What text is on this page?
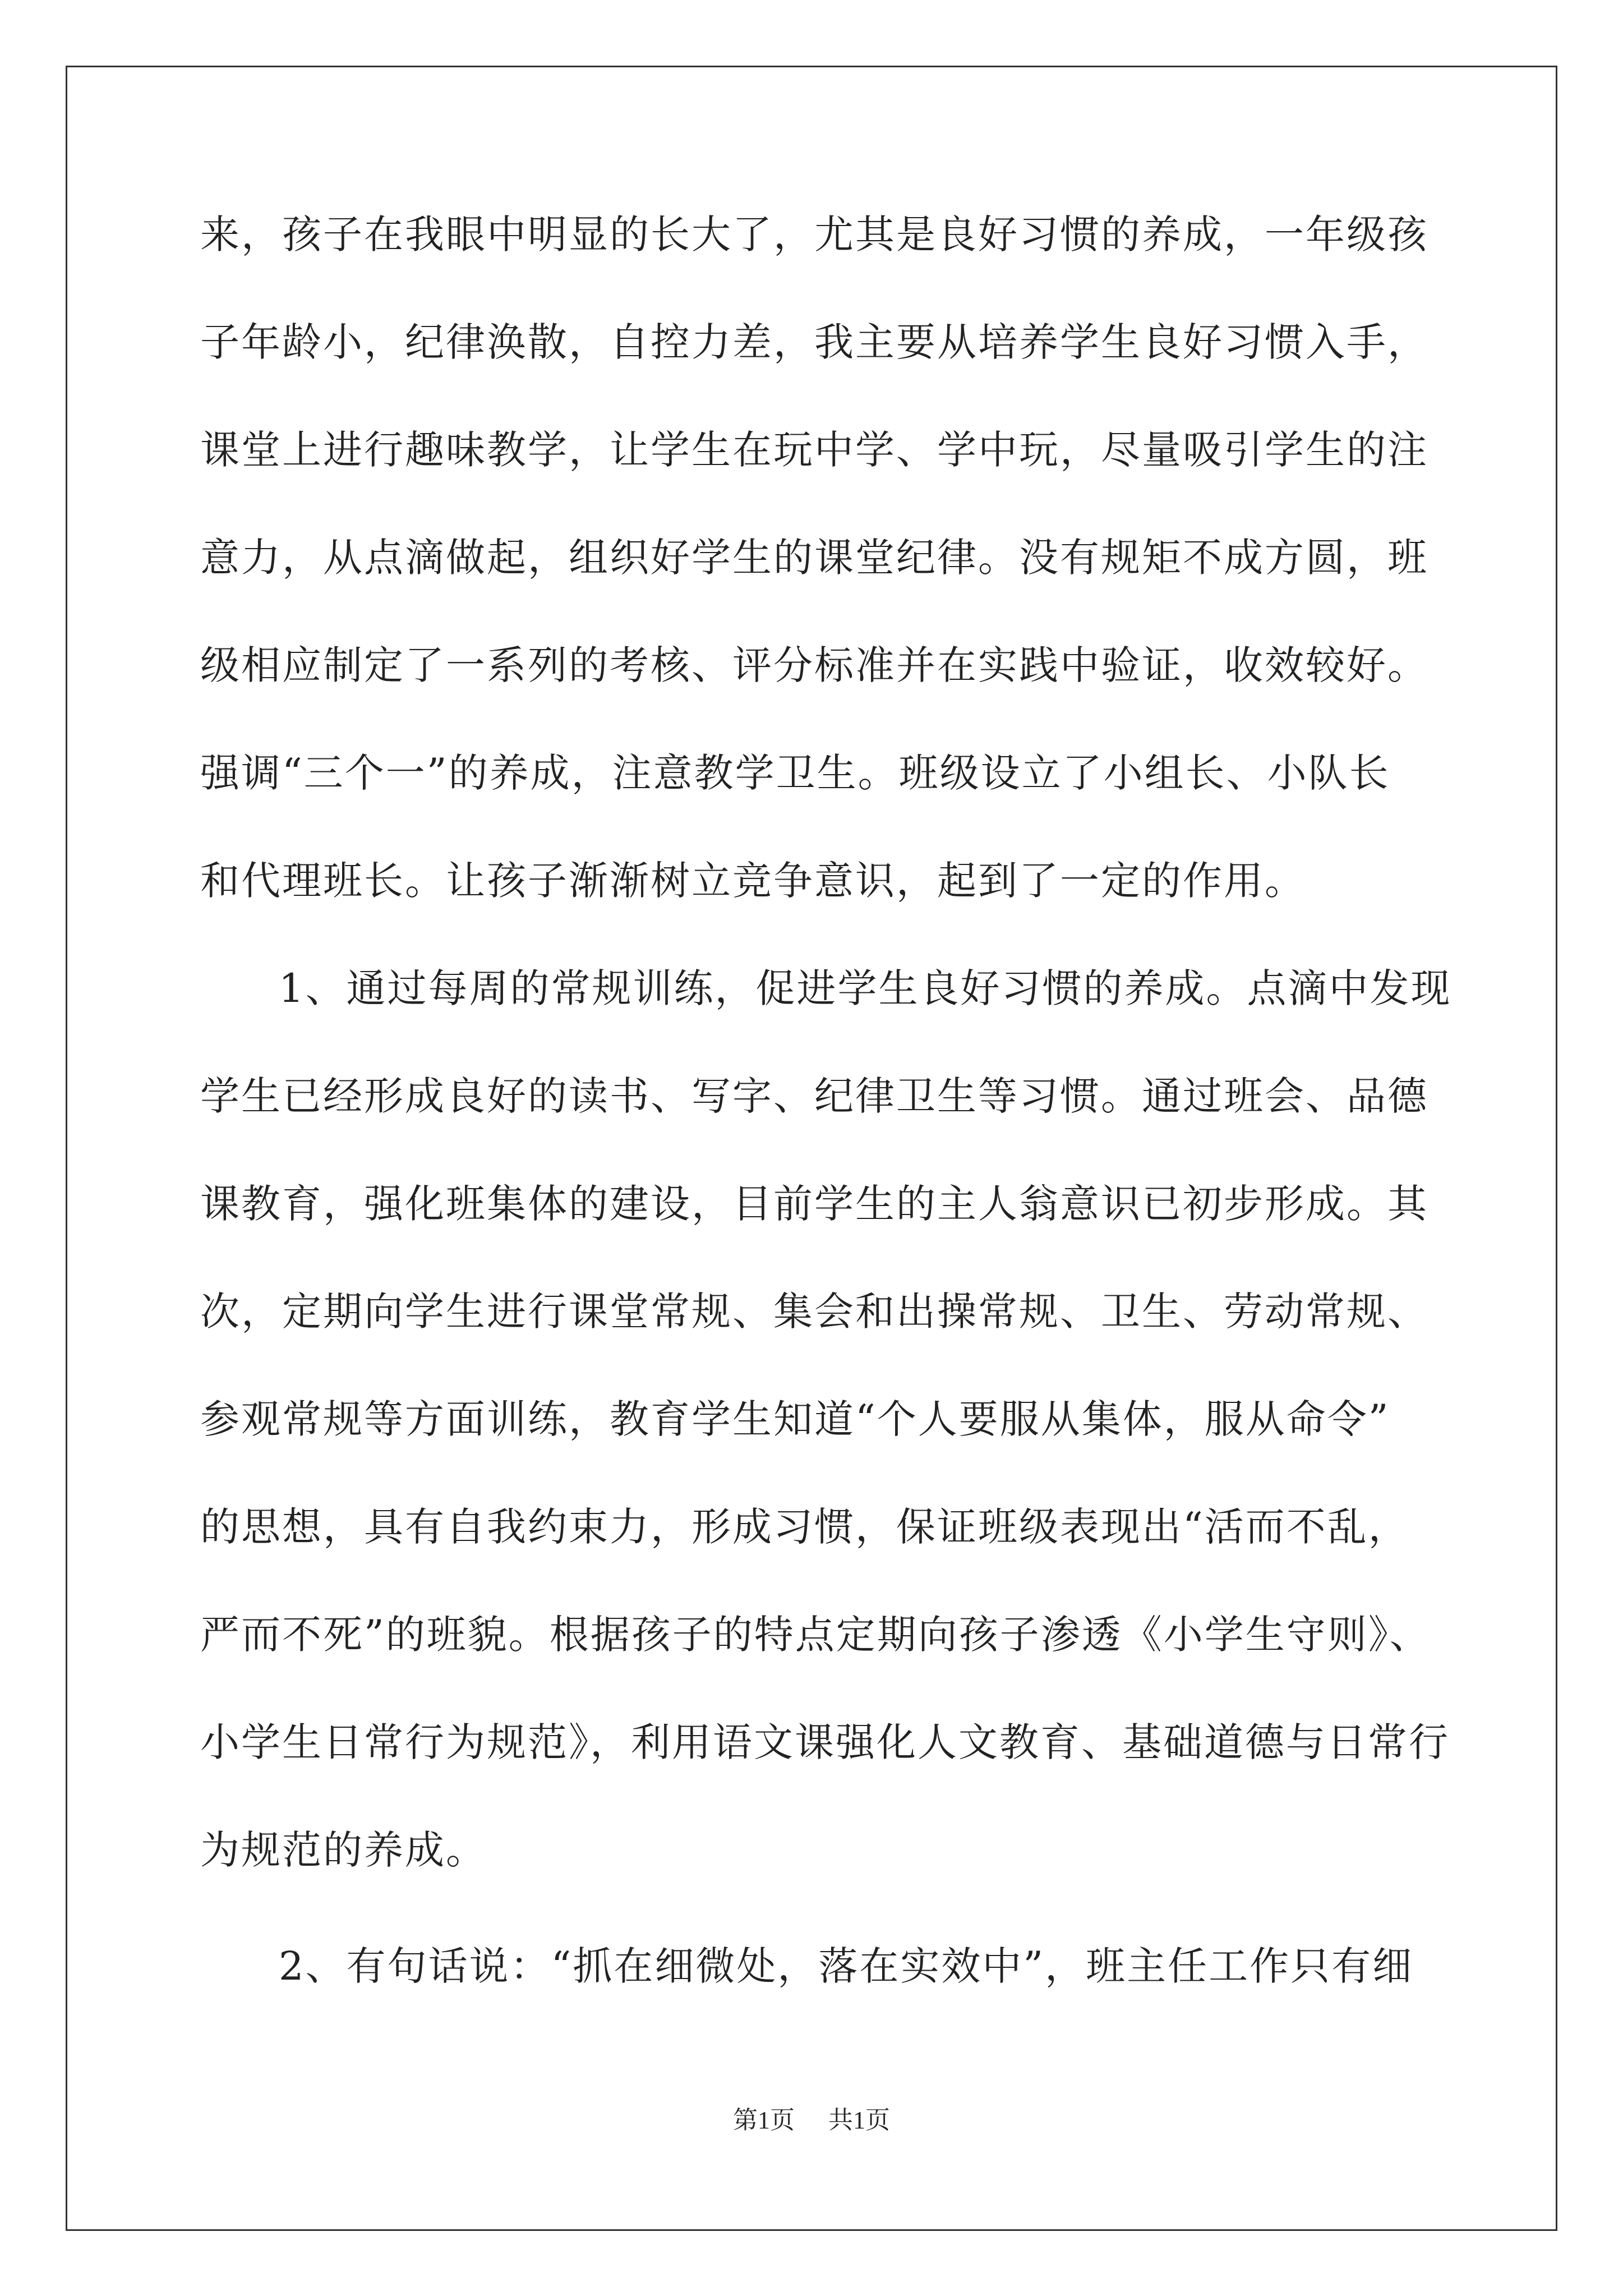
来，孩子在我眼中明显的长大了，尤其是良好习惯的养成，一年级孩
子年龄小，纪律涣散，自控力差，我主要从培养学生良好习惯入手，
课堂上进行趣味教学，让学生在玩中学、学中玩，尽量吸引学生的注
意力，从点滴做起，组织好学生的课堂纪律。没有规矩不成方圆，班
级相应制定了一系列的考核、评分标准并在实践中验证，收效较好。
强调“三个一”的养成，注意教学卫生。班级设立了小组长、小队长
和代理班长。让孩子渐渐树立竞争意识，起到了一定的作用。
1、通过每周的常规训练，促进学生良好习惯的养成。点滴中发现
学生已经形成良好的读书、写字、纪律卫生等习惯。通过班会、品德
课教育，强化班集体的建设，目前学生的主人翁意识已初步形成。其
次，定期向学生进行课堂常规、集会和出操常规、卫生、劳动常规、
参观常规等方面训练，教育学生知道“个人要服从集体，服从命令”
的思想，具有自我约束力，形成习惯，保证班级表现出“活而不乱，
严而不死”的班貌。根据孩子的特点定期向孩子渗透《小学生守则》、
小学生日常行为规范》，利用语文课强化人文教育、基础道德与日常行
为规范的养成。
2、有句话说：“抓在细微处，落在实效中”，班主任工作只有细
第1页 共1页
